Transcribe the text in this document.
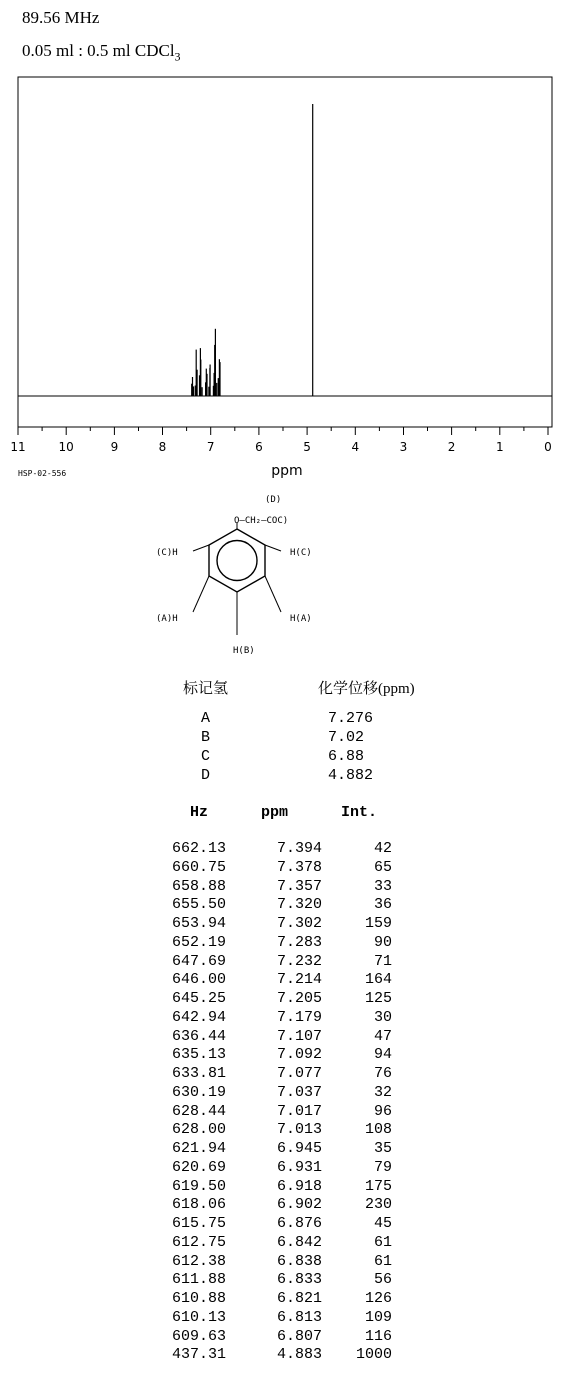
89.56 MHz
0.05 ml : 0.5 ml CDCl$_3$
11	10	9	8	7	6	5	4	3	2	1	0
ppm
HSP-02-556
(D)
O—CH₂—COC)
(C)H	H(C)
(A)H	H(A)
H(B)
标记氢	化学位移(ppm)
A	7.276
B	7.02
C	6.88
D	4.882
Hz	ppm	Int.
662.13	7.394	42
660.75	7.378	65
658.88	7.357	33
655.50	7.320	36
653.94	7.302	159
652.19	7.283	90
647.69	7.232	71
646.00	7.214	164
645.25	7.205	125
642.94	7.179	30
636.44	7.107	47
635.13	7.092	94
633.81	7.077	76
630.19	7.037	32
628.44	7.017	96
628.00	7.013	108
621.94	6.945	35
620.69	6.931	79
619.50	6.918	175
618.06	6.902	230
615.75	6.876	45
612.75	6.842	61
612.38	6.838	61
611.88	6.833	56
610.88	6.821	126
610.13	6.813	109
609.63	6.807	116
437.31	4.883	1000
